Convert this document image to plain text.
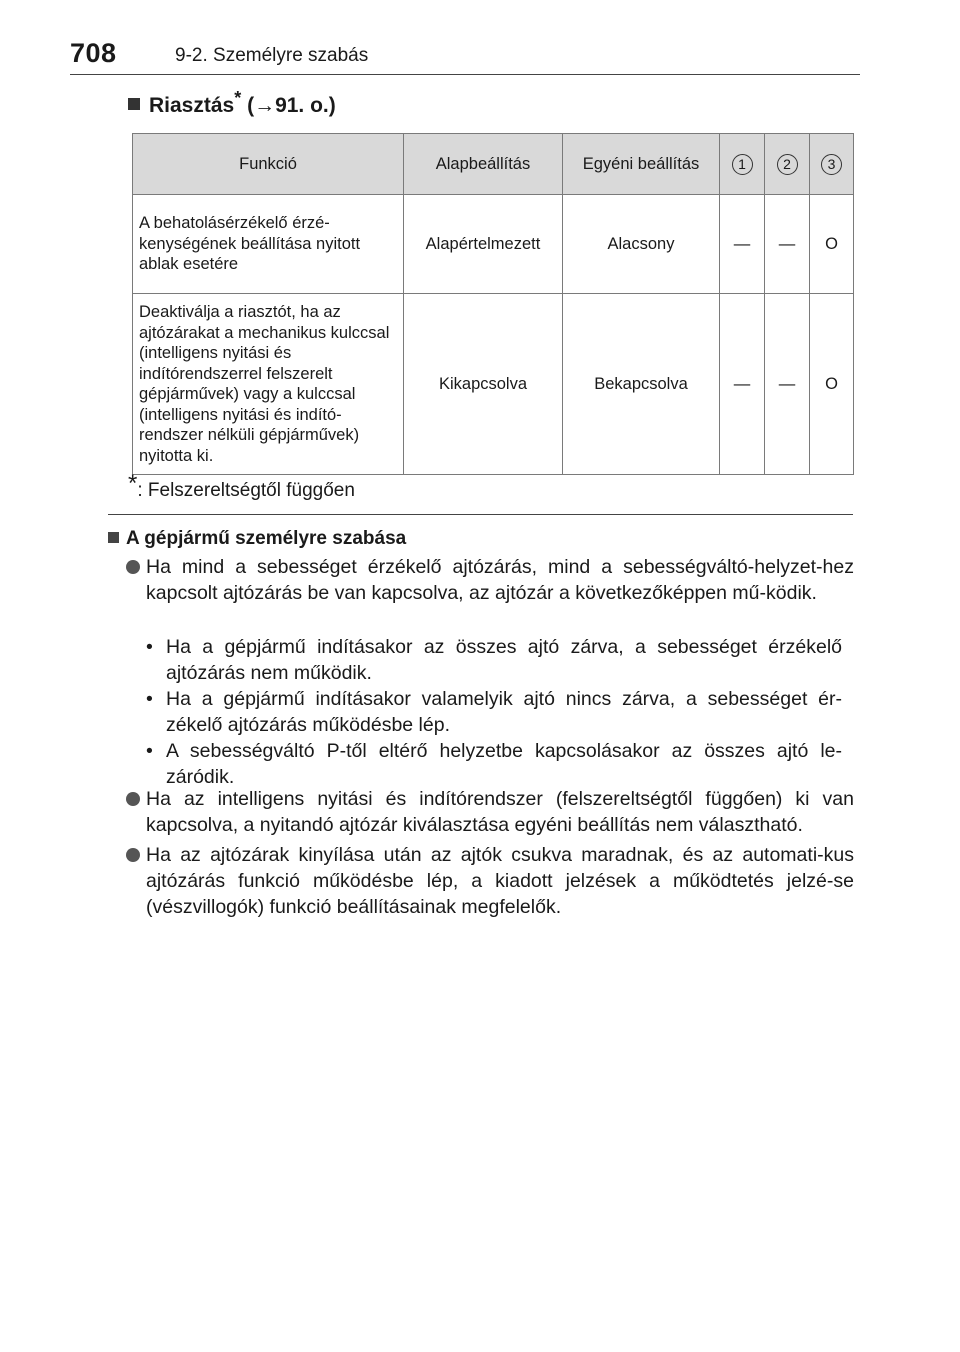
708	9-2. Személyre szabás
Riasztás* (→91. o.)
Funkció	Alapbeállítás	Egyéni beállítás	1	2	3
A behatolásérzékelő érzé-kenységének beállítása nyitott ablak esetére	Alapértelmezett	Alacsony	—	—	O
Deaktiválja a riasztót, ha az ajtózárakat a mechanikus kulccsal (intelligens nyitási és indítórendszerrel felszerelt gépjárművek) vagy a kulccsal (intelligens nyitási és indító-rendszer nélküli gépjárművek) nyitotta ki.	Kikapcsolva	Bekapcsolva	—	—	O
*: Felszereltségtől függően
A gépjármű személyre szabása
Ha mind a sebességet érzékelő ajtózárás, mind a sebességváltó-helyzet-hez kapcsolt ajtózárás be van kapcsolva, az ajtózár a következőképpen mű-ködik.
• Ha a gépjármű indításakor az összes ajtó zárva, a sebességet érzékelő ajtózárás nem működik.
• Ha a gépjármű indításakor valamelyik ajtó nincs zárva, a sebességet ér-zékelő ajtózárás működésbe lép.
• A sebességváltó P-től eltérő helyzetbe kapcsolásakor az összes ajtó le-záródik.
Ha az intelligens nyitási és indítórendszer (felszereltségtől függően) ki van kapcsolva, a nyitandó ajtózár kiválasztása egyéni beállítás nem választható.
Ha az ajtózárak kinyílása után az ajtók csukva maradnak, és az automati-kus ajtózárás funkció működésbe lép, a kiadott jelzések a működtetés jelzé-se (vészvillogók) funkció beállításainak megfelelők.
